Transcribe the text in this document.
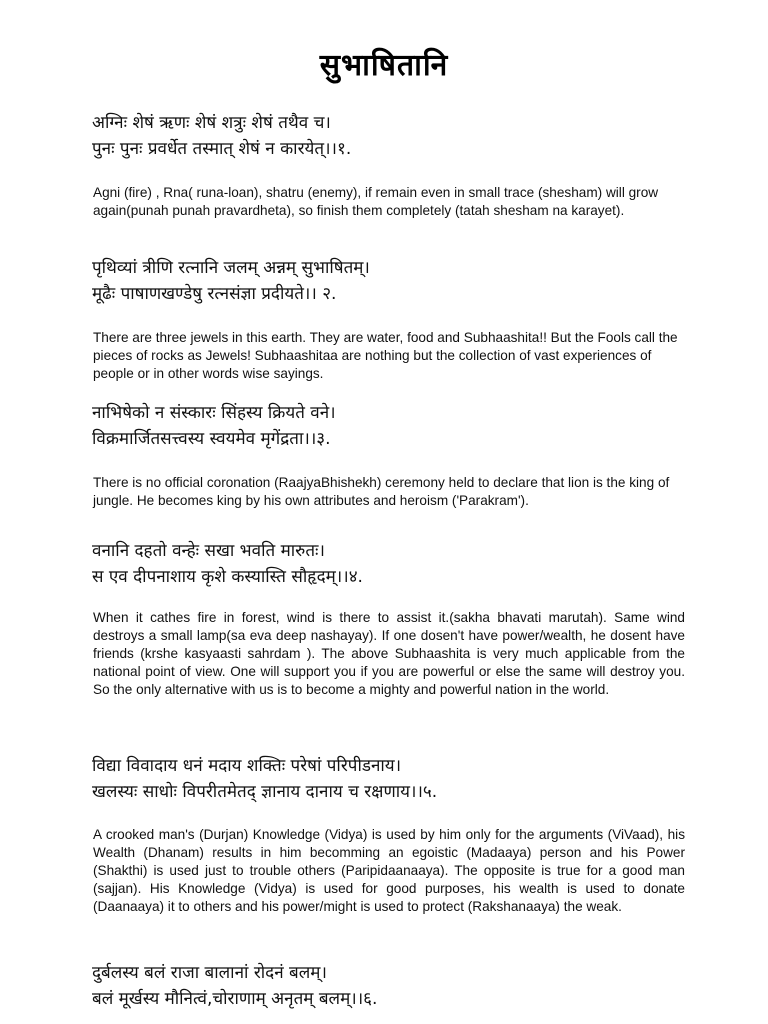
सुभाषितानि
अग्निः शेषं ऋणः शेषं शत्रुः शेषं तथैव च।
पुनः पुनः प्रवर्धेत तस्मात् शेषं न कारयेत्।।१.
Agni (fire) , Rna( runa-loan), shatru (enemy), if remain even in small trace (shesham) will grow again(punah punah pravardheta), so finish them completely (tatah shesham na karayet).
पृथिव्यां त्रीणि रत्नानि जलम् अन्नम् सुभाषितम्।
मूढैः पाषाणखण्डेषु रत्नसंज्ञा प्रदीयते।। २.
There are three jewels in this earth. They are water, food and Subhaashita!! But the Fools call the pieces of rocks as Jewels! Subhaashitaa are nothing but the collection of vast experiences of people or in other words wise sayings.
नाभिषेको न संस्कारः सिंहस्य क्रियते वने।
विक्रमार्जितसत्त्वस्य स्वयमेव मृगेंद्रता।।३.
There is no official coronation (RaajyaBhishekh) ceremony held to declare that lion is the king of jungle. He becomes king by his own attributes and heroism ('Parakram').
वनानि दहतो वन्हेः सखा भवति मारुतः।
स एव दीपनाशाय कृशे कस्यास्ति सौहृदम्।।४.
When it cathes fire in forest, wind is there to assist it.(sakha bhavati marutah). Same wind destroys a small lamp(sa eva deep nashayay). If one dosen't have power/wealth, he dosent have friends (krshe kasyaasti sahrdam ). The above Subhaashita is very much applicable from the national point of view. One will support you if you are powerful or else the same will destroy you. So the only alternative with us is to become a mighty and powerful nation in the world.
विद्या विवादाय धनं मदाय शक्तिः परेषां परिपीडनाय।
खलस्यः साधोः विपरीतमेतद् ज्ञानाय दानाय च रक्षणाय।।५.
A crooked man's (Durjan) Knowledge (Vidya) is used by him only for the arguments (ViVaad), his Wealth (Dhanam) results in him becomming an egoistic (Madaaya) person and his Power (Shakthi) is used just to trouble others (Paripidaanaaya). The opposite is true for a good man (sajjan). His Knowledge (Vidya) is used for good purposes, his wealth is used to donate (Daanaaya) it to others and his power/might is used to protect (Rakshanaaya) the weak.
दुर्बलस्य बलं राजा बालानां रोदनं बलम्।
बलं मूर्खस्य मौनित्वं,चोराणाम् अनृतम् बलम्।।६.
